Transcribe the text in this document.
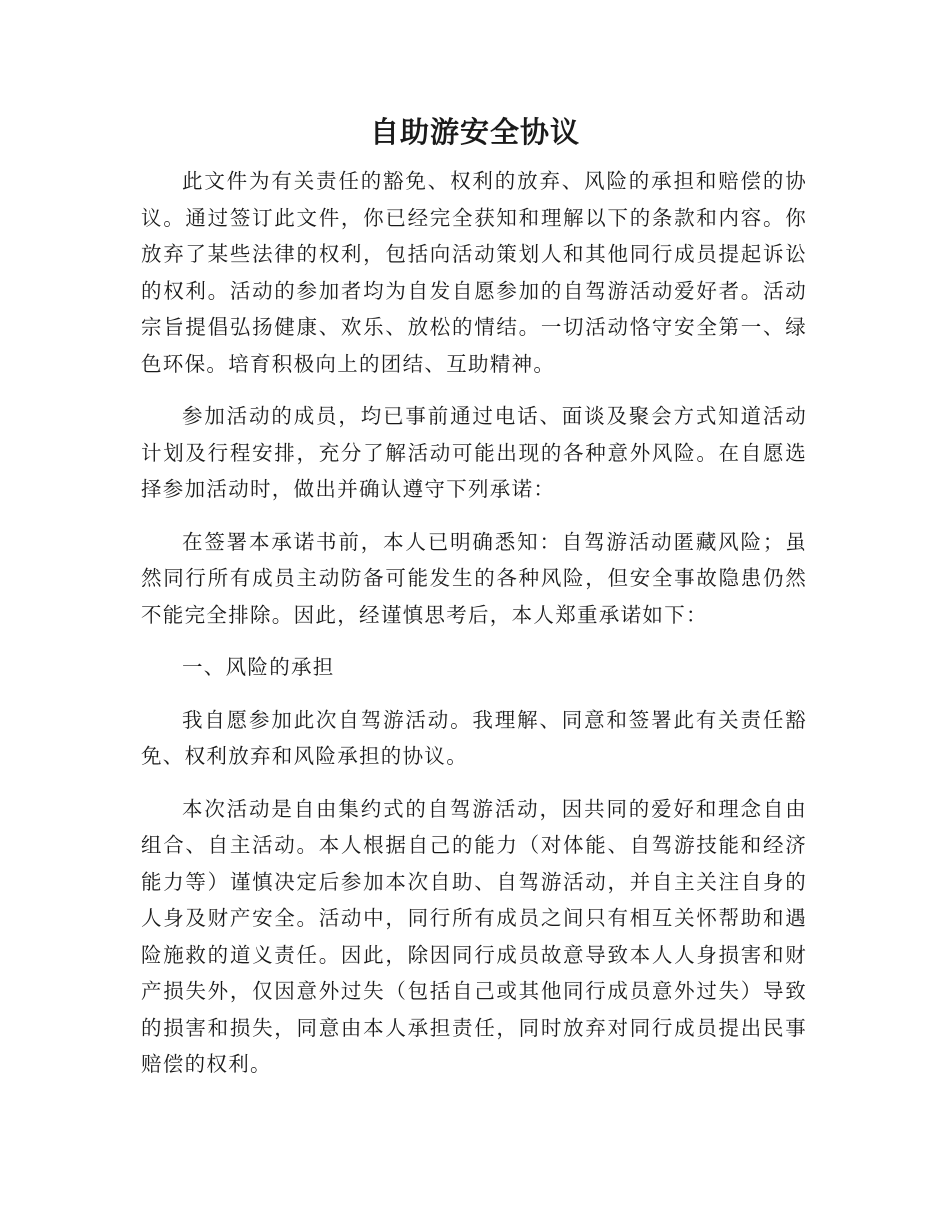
自助游安全协议

此文件为有关责任的豁免、权利的放弃、风险的承担和赔偿的协议。通过签订此文件，你已经完全获知和理解以下的条款和内容。你放弃了某些法律的权利，包括向活动策划人和其他同行成员提起诉讼的权利。活动的参加者均为自发自愿参加的自驾游活动爱好者。活动宗旨提倡弘扬健康、欢乐、放松的情结。一切活动恪守安全第一、绿色环保。培育积极向上的团结、互助精神。

参加活动的成员，均已事前通过电话、面谈及聚会方式知道活动计划及行程安排，充分了解活动可能出现的各种意外风险。在自愿选择参加活动时，做出并确认遵守下列承诺：

在签署本承诺书前，本人已明确悉知：自驾游活动匿藏风险；虽然同行所有成员主动防备可能发生的各种风险，但安全事故隐患仍然不能完全排除。因此，经谨慎思考后，本人郑重承诺如下：

一、风险的承担

我自愿参加此次自驾游活动。我理解、同意和签署此有关责任豁免、权利放弃和风险承担的协议。

本次活动是自由集约式的自驾游活动，因共同的爱好和理念自由组合、自主活动。本人根据自己的能力（对体能、自驾游技能和经济能力等）谨慎决定后参加本次自助、自驾游活动，并自主关注自身的人身及财产安全。活动中，同行所有成员之间只有相互关怀帮助和遇险施救的道义责任。因此，除因同行成员故意导致本人人身损害和财产损失外，仅因意外过失（包括自己或其他同行成员意外过失）导致的损害和损失，同意由本人承担责任，同时放弃对同行成员提出民事赔偿的权利。
